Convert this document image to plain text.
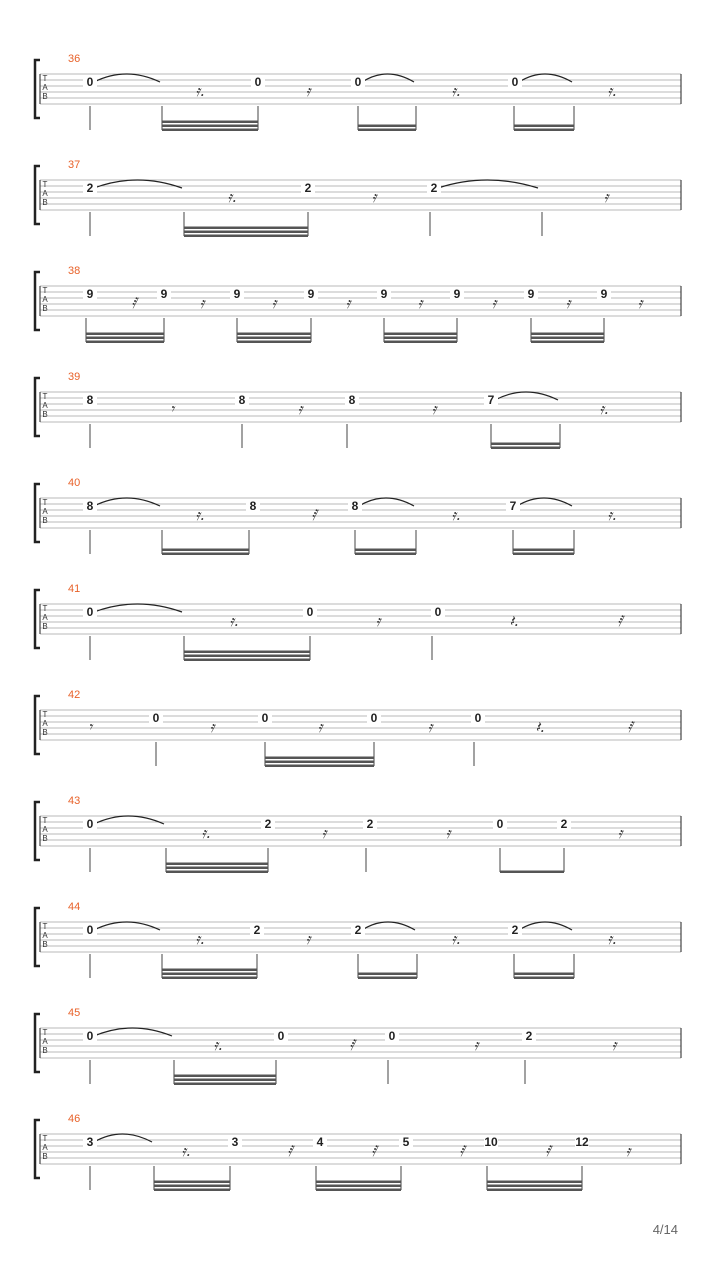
T
A
B
36
0	0	0	0
𝄿.	𝄿	𝄿.	𝄿.
T
A
B
37
2	2	2
𝄿.	𝄿	𝄿
T
A
B
38
9	9	9	9	9	9	9	9
𝅀	𝄿	𝄿	𝄿	𝄿	𝄿	𝄿	𝄿
T
A
B
39
8	8	8	7
𝄾	𝄿	𝄿	𝄿.
T
A
B
40
8	8	8	7
𝄿.	𝅀	𝄿.	𝄿.
T
A
B
41
0	0	0
𝄿.	𝄿	𝄽.	𝅀
T
A
B
42
0	0	0	0
𝄾	𝄿	𝄿	𝄿	𝄽.	𝅀
T
A
B
43
0	2	2	0	2
𝄿.	𝄿	𝄿	𝄿
T
A
B
44
0	2	2	2
𝄿.	𝄿	𝄿.	𝄿.
T
A
B
45
0	0	0	2
𝄿.	𝅀	𝄿	𝄿
T
A
B
46
3	3	4	5	10	12
𝄿.	𝅀	𝅀	𝅀	𝅀	𝄿
4/14
